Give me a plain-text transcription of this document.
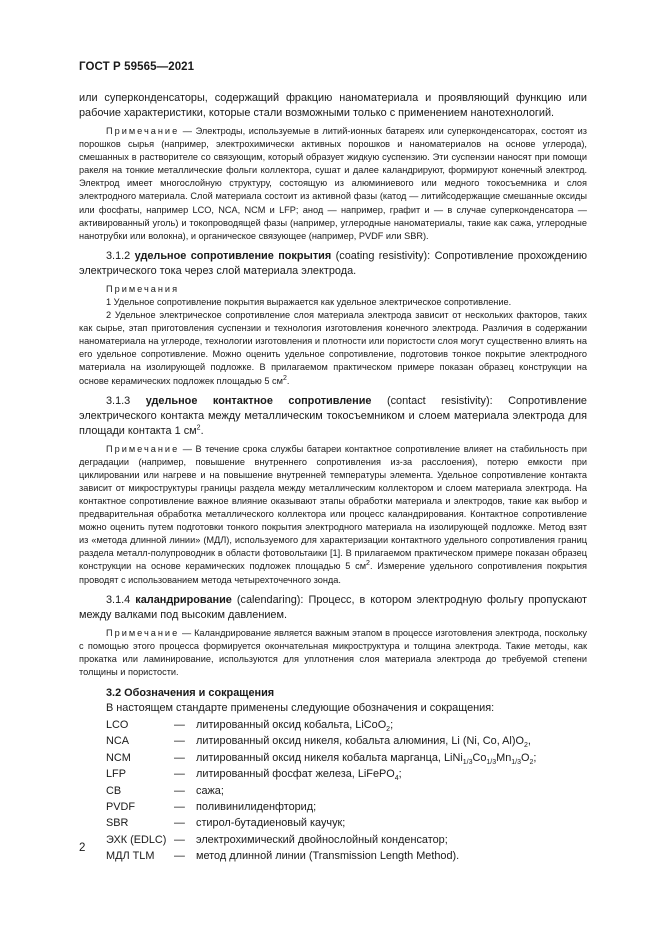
ГОСТ Р 59565—2021

или суперконденсаторы, содержащий фракцию наноматериала и проявляющий функцию или рабочие характеристики, которые стали возможными только с применением нанотехнологий.

Примечание — Электроды, используемые в литий-ионных батареях или суперконденсаторах, состоят из порошков сырья (например, электрохимически активных порошков и наноматериалов на основе углерода), смешанных в растворителе со связующим, который образует жидкую суспензию. Эти суспензии наносят при помощи ракеля на тонкие металлические фольги коллектора, сушат и далее каландрируют, формируют конечный электрод. Электрод имеет многослойную структуру, состоящую из алюминиевого или медного токосъемника и слоя электродного материала. Слой материала состоит из активной фазы (катод — литийсодержащие смешанные оксиды или фосфаты, например LCO, NCA, NCM и LFP; анод — например, графит и — в случае суперконденсатора — активированный уголь) и токопроводящей фазы (например, углеродные наноматериалы, такие как сажа, углеродные нанотрубки или волокна), и органическое связующее (например, PVDF или SBR).

3.1.2 удельное сопротивление покрытия (coating resistivity): Сопротивление прохождению электрического тока через слой материала электрода.

Примечания

1 Удельное сопротивление покрытия выражается как удельное электрическое сопротивление.

2 Удельное электрическое сопротивление слоя материала электрода зависит от нескольких факторов, таких как сырье, этап приготовления суспензии и технология изготовления конечного электрода. Различия в содержании наноматериала на углероде, технологии изготовления и плотности или пористости слоя могут существенно влиять на его удельное сопротивление. Можно оценить удельное сопротивление, подготовив тонкое покрытие электродного материала на изолирующей подложке. В прилагаемом практическом примере показан образец конструкции на основе керамических подложек площадью 5 $см^2$.

3.1.3 удельное контактное сопротивление (contact resistivity): Сопротивление электрического контакта между металлическим токосъемником и слоем материала электрода для площади контакта 1 $см^2$.

Примечание — В течение срока службы батареи контактное сопротивление влияет на стабильность при деградации (например, повышение внутреннего сопротивления из-за расслоения), потерю емкости при циклировании или нагреве и на повышение внутренней температуры элемента. Удельное сопротивление контакта зависит от микроструктуры границы раздела между металлическим коллектором и слоем материала электрода. На контактное сопротивление важное влияние оказывают этапы обработки материала и электродов, такие как выбор и предварительная обработка металлического коллектора или процесс каландрирования. Контактное сопротивление можно оценить путем подготовки тонкого покрытия электродного материала на изолирующей подложке. Метод взят из «метода длинной линии» (МДЛ), используемого для характеризации контактного удельного сопротивления границ раздела металл-полупроводник в области фотовольтаики [1]. В прилагаемом практическом примере показан образец конструкции на основе керамических подложек площадью 5 $см^2$. Измерение удельного сопротивления покрытия проводят с использованием метода четырехточечного зонда.

3.1.4 каландрирование (calendaring): Процесс, в котором электродную фольгу пропускают между валками под высоким давлением.

Примечание — Каландрирование является важным этапом в процессе изготовления электрода, поскольку с помощью этого процесса формируется окончательная микроструктура и толщина электрода. Такие методы, как прокатка или ламинирование, используются для уплотнения слоя материала электрода до требуемой степени толщины и пористости.

3.2 Обозначения и сокращения

В настоящем стандарте применены следующие обозначения и сокращения:

LCO	—	литированный оксид кобальта, LiCoO$_2$;
NCA	—	литированный оксид никеля, кобальта алюминия, Li (Ni, Co, $Al)O_2$,
NCM	—	литированный оксид никеля кобальта марганца, $LiNi_{1/3}Co_{1/3}Mn_{1/3}O_2$;
LFP	—	литированный фосфат железа, LiFePO$_4$;
CB	—	сажа;
PVDF	—	поливинилиденфторид;
SBR	—	стирол-бутадиеновый каучук;
ЭХК (EDLC) —	электрохимический двойнослойный конденсатор;
МДЛ TLM	—	метод длинной линии (Transmission Length Method).
2
